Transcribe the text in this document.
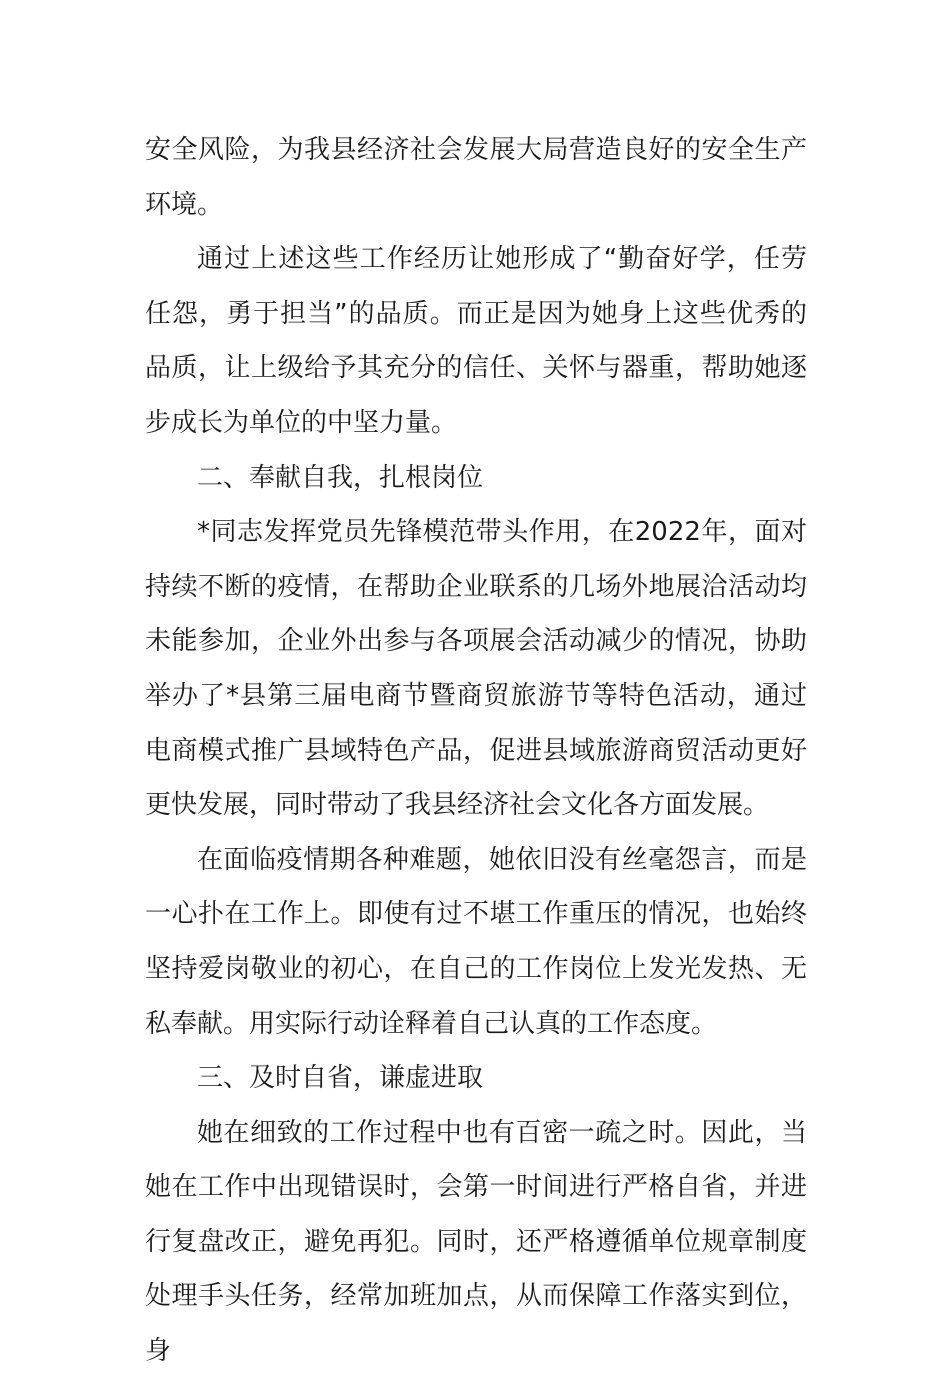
安全风险，为我县经济社会发展大局营造良好的安全生产环境。

通过上述这些工作经历让她形成了“勤奋好学，任劳任怨，勇于担当”的品质。而正是因为她身上这些优秀的品质，让上级给予其充分的信任、关怀与器重，帮助她逐步成长为单位的中坚力量。

二、奉献自我，扎根岗位

*同志发挥党员先锋模范带头作用，在2022年，面对持续不断的疫情，在帮助企业联系的几场外地展洽活动均未能参加，企业外出参与各项展会活动减少的情况，协助举办了*县第三届电商节暨商贸旅游节等特色活动，通过电商模式推广县域特色产品，促进县域旅游商贸活动更好更快发展，同时带动了我县经济社会文化各方面发展。

在面临疫情期各种难题，她依旧没有丝毫怨言，而是一心扑在工作上。即使有过不堪工作重压的情况，也始终坚持爱岗敬业的初心，在自己的工作岗位上发光发热、无私奉献。用实际行动诠释着自己认真的工作态度。

三、及时自省，谦虚进取

她在细致的工作过程中也有百密一疏之时。因此，当她在工作中出现错误时，会第一时间进行严格自省，并进行复盘改正，避免再犯。同时，还严格遵循单位规章制度处理手头任务，经常加班加点，从而保障工作落实到位，身
